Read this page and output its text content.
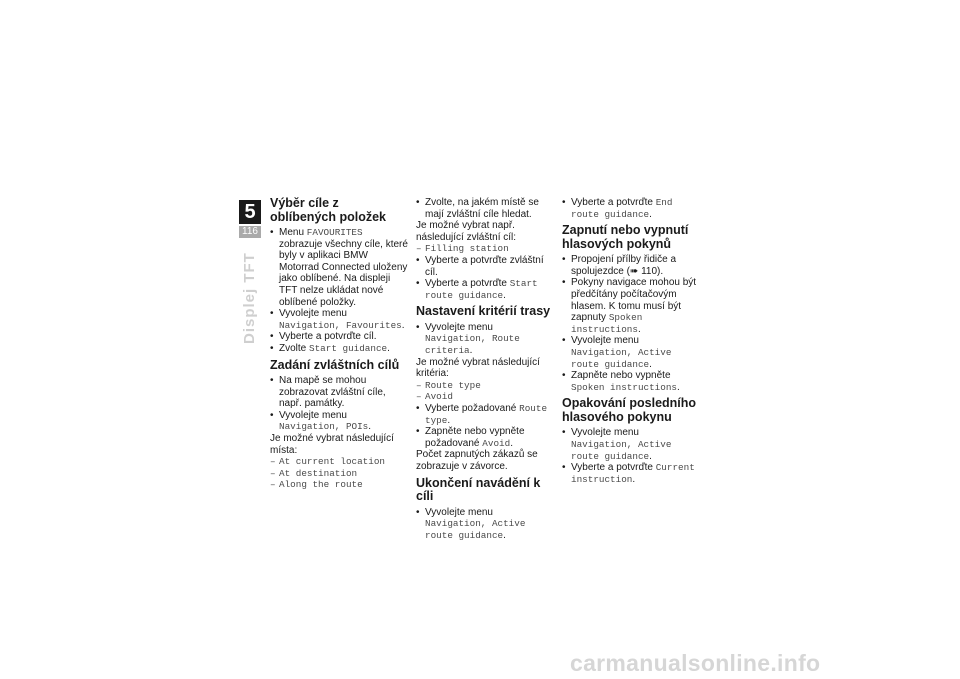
5
116
Displej TFT
Výběr cíle z oblíbených položek
• Menu FAVOURITES zobrazuje všechny cíle, které byly v aplikaci BMW Motorrad Connected uloženy jako oblíbené. Na displeji TFT nelze ukládat nové oblíbené položky.
• Vyvolejte menu Navigation, Favourites.
• Vyberte a potvrďte cíl.
• Zvolte Start guidance.
Zadání zvláštních cílů
• Na mapě se mohou zobrazovat zvláštní cíle, např. památky.
• Vyvolejte menu Navigation, POIs.

Je možné vybrat následující místa:

– At current location
– At destination
– Along the route
• Zvolte, na jakém místě se mají zvláštní cíle hledat.

Je možné vybrat např. následující zvláštní cíl:

– Filling station
• Vyberte a potvrďte zvláštní cíl.
• Vyberte a potvrďte Start route guidance.
Nastavení kritérií trasy
• Vyvolejte menu Navigation, Route criteria.

Je možné vybrat následující kritéria:

– Route type
– Avoid
• Vyberte požadované Route type.
• Zapněte nebo vypněte požadované Avoid.

Počet zapnutých zákazů se zobrazuje v závorce.

Ukončení navádění k cíli
• Vyvolejte menu Navigation, Active route guidance.
• Vyberte a potvrďte End route guidance.
Zapnutí nebo vypnutí hlasových pokynů
• Propojení přílby řidiče a spolujezdce (➠ 110).
• Pokyny navigace mohou být předčítány počítačovým hlasem. K tomu musí být zapnuty Spoken instructions.
• Vyvolejte menu Navigation, Active route guidance.
• Zapněte nebo vypněte Spoken instructions.
Opakování posledního hlasového pokynu
• Vyvolejte menu Navigation, Active route guidance.
• Vyberte a potvrďte Current instruction.
carmanualsonline.info
